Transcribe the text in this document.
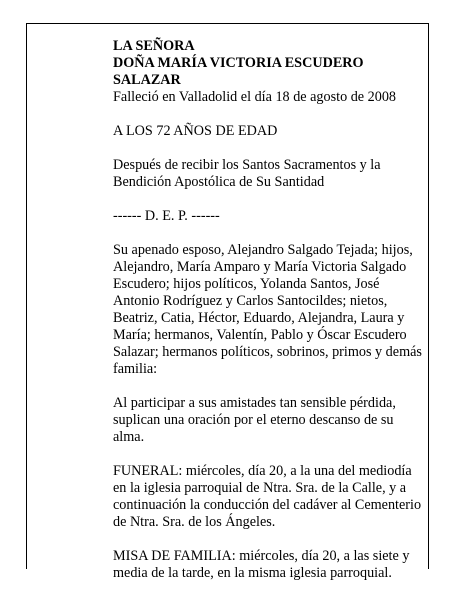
LA SEÑORA

DOÑA MARÍA VICTORIA ESCUDERO

SALAZAR

Falleció en Valladolid el día 18 de agosto de 2008

A LOS 72 AÑOS DE EDAD

Después de recibir los Santos Sacramentos y la Bendición Apostólica de Su Santidad

------ D. E. P. ------

Su apenado esposo, Alejandro Salgado Tejada; hijos, Alejandro, María Amparo y María Victoria Salgado Escudero; hijos políticos, Yolanda Santos, José Antonio Rodríguez y Carlos Santocildes; nietos, Beatriz, Catia, Héctor, Eduardo, Alejandra, Laura y María; hermanos, Valentín, Pablo y Óscar Escudero Salazar; hermanos políticos, sobrinos, primos y demás familia:

Al participar a sus amistades tan sensible pérdida, suplican una oración por el eterno descanso de su alma.

FUNERAL: miércoles, día 20, a la una del mediodía en la iglesia parroquial de Ntra. Sra. de la Calle, y a continuación la conducción del cadáver al Cementerio de Ntra. Sra. de los Ángeles.

MISA DE FAMILIA: miércoles, día 20, a las siete y media de la tarde, en la misma iglesia parroquial.
